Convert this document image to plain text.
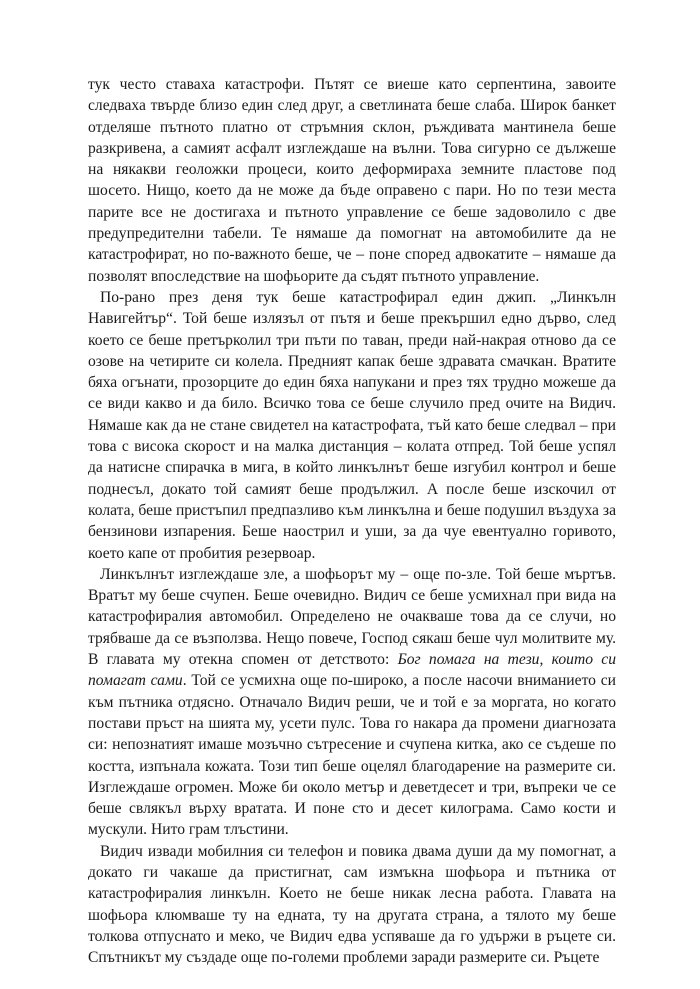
тук често ставаха катастрофи. Пътят се виеше като серпентина, завоите следваха твърде близо един след друг, а светлината беше слаба. Широк банкет отделяше пътното платно от стръмния склон, ръждивата мантинела беше разкривена, а самият асфалт изглеждаше на вълни. Това сигурно се дължеше на някакви геоложки процеси, които деформираха земните пластове под шосето. Нищо, което да не може да бъде оправено с пари. Но по тези места парите все не достигаха и пътното управление се беше задоволило с две предупредителни табели. Те нямаше да помогнат на автомобилите да не катастрофират, но по-важното беше, че – поне според адвокатите – нямаше да позволят впоследствие на шофьорите да съдят пътното управление.

По-рано през деня тук беше катастрофирал един джип. „Линкълн Навигейтър“. Той беше излязъл от пътя и беше прекършил едно дърво, след което се беше претърколил три пъти по таван, преди най-накрая отново да се озове на четирите си колела. Предният капак беше здравата смачкан. Вратите бяха огънати, прозорците до един бяха напукани и през тях трудно можеше да се види какво и да било. Всичко това се беше случило пред очите на Видич. Нямаше как да не стане свидетел на катастрофата, тъй като беше следвал – при това с висока скорост и на малка дистанция – колата отпред. Той беше успял да натисне спирачка в мига, в който линкълнът беше изгубил контрол и беше поднесъл, докато той самият беше продължил. А после беше изскочил от колата, беше пристъпил предпазливо към линкълна и беше подушил въздуха за бензинови изпарения. Беше наострил и уши, за да чуе евентуално горивото, което капе от пробития резервоар.

Линкълнът изглеждаше зле, а шофьорът му – още по-зле. Той беше мъртъв. Вратът му беше счупен. Беше очевидно. Видич се беше усмихнал при вида на катастрофиралия автомобил. Определено не очакваше това да се случи, но трябваше да се възползва. Нещо повече, Господ сякаш беше чул молитвите му. В главата му отекна спомен от детството: Бог помага на тези, които си помагат сами. Той се усмихна още по-широко, а после насочи вниманието си към пътника отдясно. Отначало Видич реши, че и той е за моргата, но когато постави пръст на шията му, усети пулс. Това го накара да промени диагнозата си: непознатият имаше мозъчно сътресение и счупена китка, ако се съдеше по костта, изпънала кожата. Този тип беше оцелял благодарение на размерите си. Изглеждаше огромен. Може би около метър и деветдесет и три, въпреки че се беше свлякъл върху вратата. И поне сто и десет килограма. Само кости и мускули. Нито грам тлъстини.

Видич извади мобилния си телефон и повика двама души да му помогнат, а докато ги чакаше да пристигнат, сам измъкна шофьора и пътника от катастрофиралия линкълн. Което не беше никак лесна работа. Главата на шофьора клюмваше ту на едната, ту на другата страна, а тялото му беше толкова отпуснато и меко, че Видич едва успяваше да го удържи в ръцете си. Спътникът му създаде още по-големи проблеми заради размерите си. Ръцете
